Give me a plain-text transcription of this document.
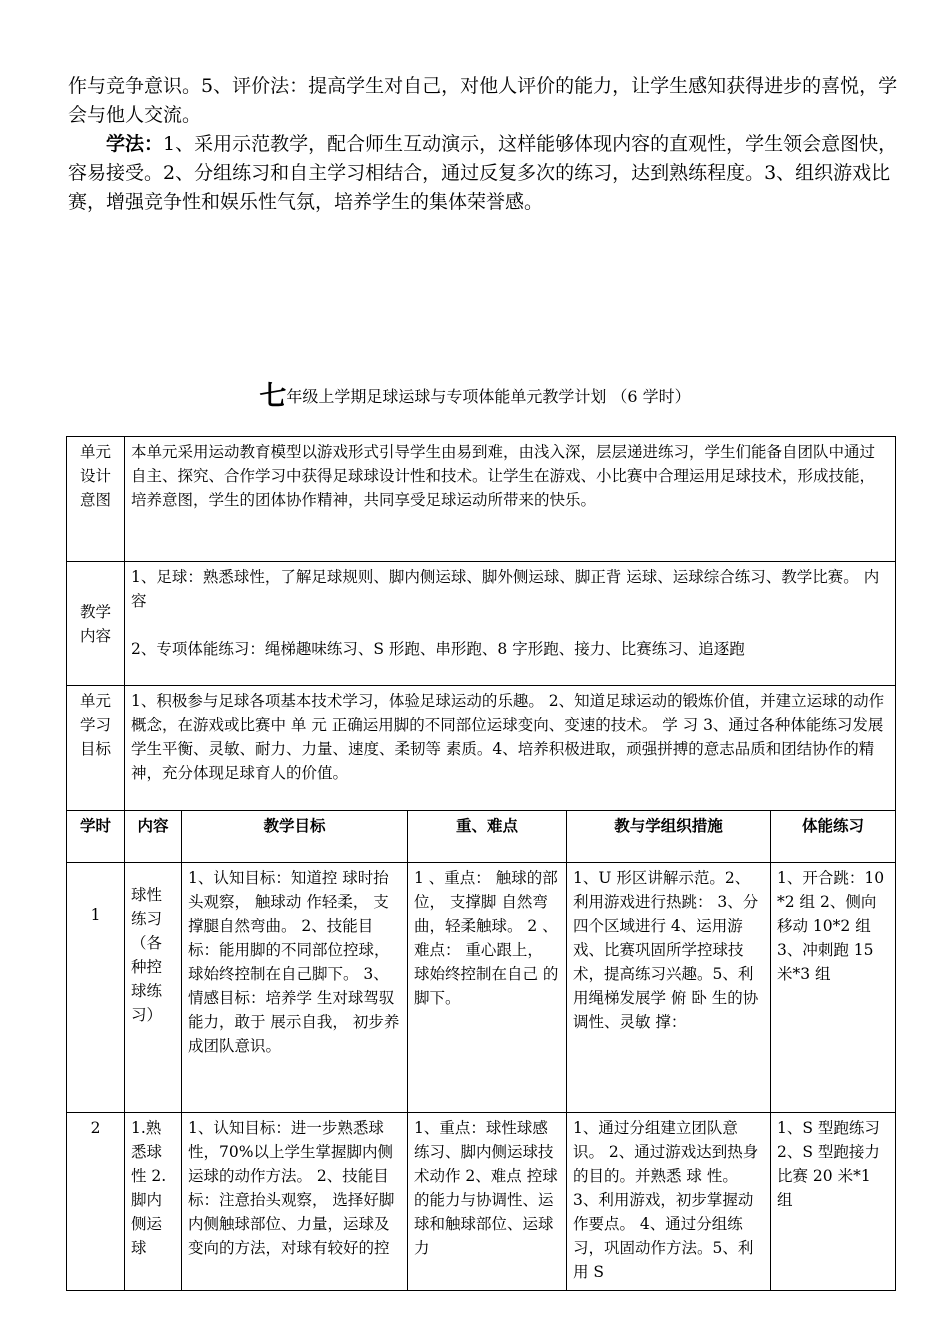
作与竞争意识。5、评价法：提高学生对自己，对他人评价的能力，让学生感知获得进步的喜悦，学会与他人交流。

学法：1、采用示范教学，配合师生互动演示，这样能够体现内容的直观性，学生领会意图快，容易接受。2、分组练习和自主学习相结合，通过反复多次的练习，达到熟练程度。3、组织游戏比赛，增强竞争性和娱乐性气氛，培养学生的集体荣誉感。

七年级上学期足球运球与专项体能单元教学计划 （6 学时）
单元设计意图	本单元采用运动教育模型以游戏形式引导学生由易到难，由浅入深，层层递进练习，学生们能备自团队中通过自主、探究、合作学习中获得足球球设计性和技术。让学生在游戏、小比赛中合理运用足球技术，形成技能，培养意图，学生的团体协作精神，共同享受足球运动所带来的快乐。				
教学内容	1、足球：熟悉球性，了解足球规则、脚内侧运球、脚外侧运球、脚正背 运球、运球综合练习、教学比赛。 内 容
2、专项体能练习：绳梯趣味练习、S 形跑、串形跑、8 字形跑、接力、比赛练习、追逐跑				
单元学习目标	1、积极参与足球各项基本技术学习，体验足球运动的乐趣。 2、知道足球运动的锻炼价值，并建立运球的动作概念，在游戏或比赛中 单 元 正确运用脚的不同部位运球变向、变速的技术。 学 习 3、通过各种体能练习发展学生平衡、灵敏、耐力、力量、速度、柔韧等 素质。4、培养积极进取，顽强拼搏的意志品质和团结协作的精神，充分体现足球育人的价值。				
学时	内容	教学目标	重、难点	教与学组织措施	体能练习
1	球性练习（各种控球练习）	1、认知目标：知道控 球时抬头观察， 触球动 作轻柔， 支撑腿自然弯曲。 2、技能目标：能用脚的不同部位控球， 球始终控制在自己脚下。 3、情感目标：培养学 生对球驾驭能力，敢于 展示自我， 初步养成团队意识。	1 、重点： 触球的部 位， 支撑脚 自然弯曲，轻柔触球。 2 、难点： 重心跟上， 球始终控制在自己 的脚下。	1、U 形区讲解示范。2、利用游戏进行热跳： 3、分四个区域进行 4、运用游戏、比赛巩固所学控球技术，提高练习兴趣。5、利用绳梯发展学 俯 卧 生的协调性、灵敏 撑：	1、开合跳：10*2 组 2、侧向移动 10*2 组 3、冲刺跑 15 米*3 组
2	1.熟悉球性 2.脚内侧运球	1、认知目标：进一步熟悉球性，70%以上学生掌握脚内侧运球的动作方法。 2、技能目标：注意抬头观察， 选择好脚内侧触球部位、力量，运球及变向的方法，对球有较好的控	1、重点：球性球感练习、脚内侧运球技术动作 2、难点 控球的能力与协调性、运球和触球部位、运球力	1、通过分组建立团队意识。 2、通过游戏达到热身的目的。并熟悉 球 性。 3、利用游戏，初步掌握动作要点。 4、通过分组练习，巩固动作方法。5、利用 S	1、S 型跑练习 2、S 型跑接力比赛 20 米*1 组
